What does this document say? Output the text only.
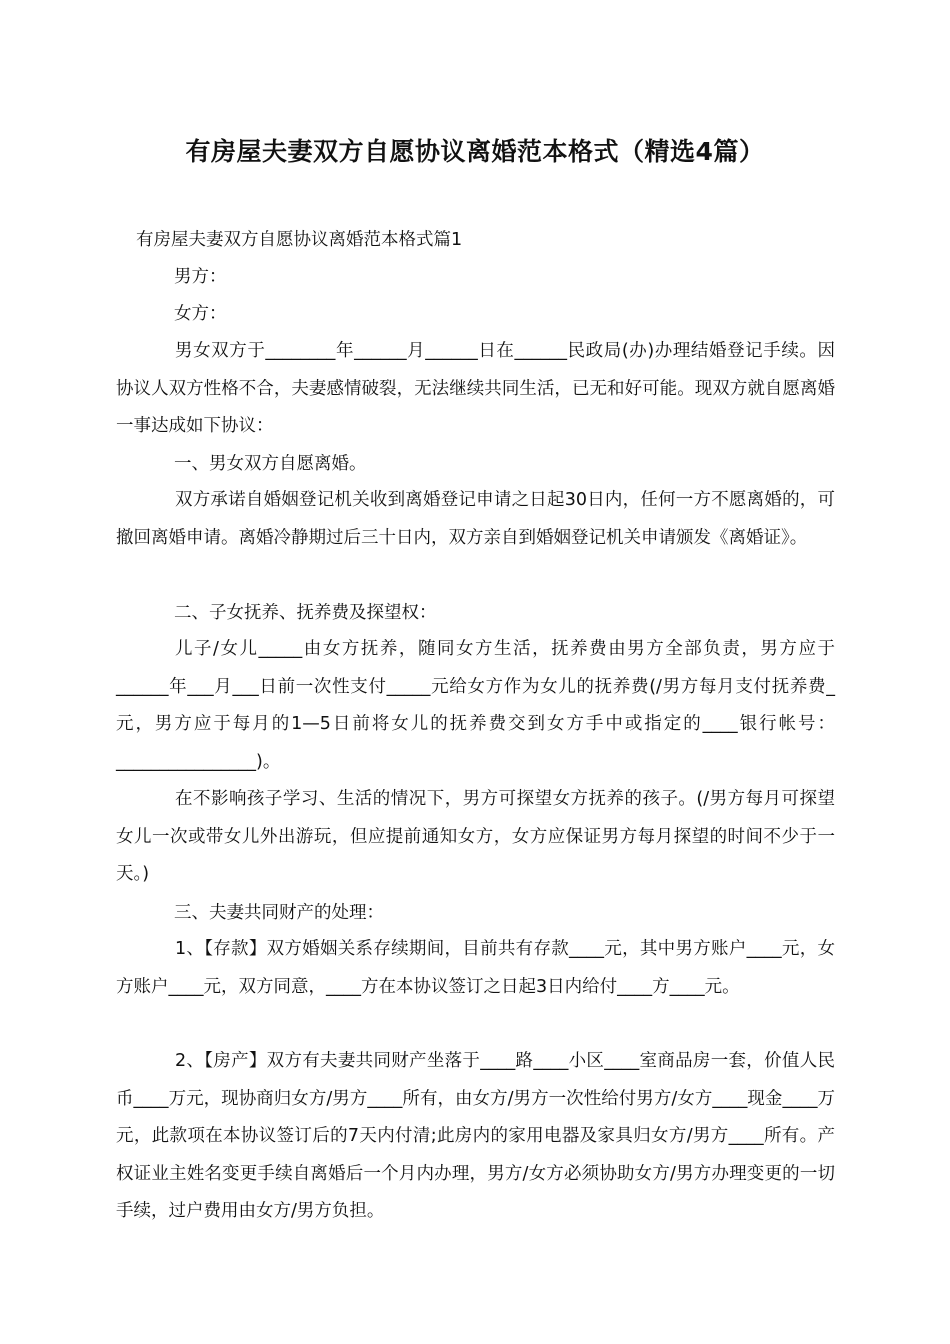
有房屋夫妻双方自愿协议离婚范本格式（精选4篇）
有房屋夫妻双方自愿协议离婚范本格式篇1
男方：
女方：
男女双方于________年______月______日在______民政局(办)办理结婚登记手续。因协议人双方性格不合，夫妻感情破裂，无法继续共同生活，已无和好可能。现双方就自愿离婚一事达成如下协议：
一、男女双方自愿离婚。
双方承诺自婚姻登记机关收到离婚登记申请之日起30日内，任何一方不愿离婚的，可撤回离婚申请。离婚冷静期过后三十日内，双方亲自到婚姻登记机关申请颁发《离婚证》。
二、子女抚养、抚养费及探望权：
儿子/女儿_____由女方抚养，随同女方生活，抚养费由男方全部负责，男方应于______年___月___日前一次性支付_____元给女方作为女儿的抚养费(/男方每月支付抚养费_元，男方应于每月的1—5日前将女儿的抚养费交到女方手中或指定的____银行帐号：________________)。
在不影响孩子学习、生活的情况下，男方可探望女方抚养的孩子。(/男方每月可探望女儿一次或带女儿外出游玩，但应提前通知女方，女方应保证男方每月探望的时间不少于一天。)
三、夫妻共同财产的处理：
1、【存款】双方婚姻关系存续期间，目前共有存款____元，其中男方账户____元，女方账户____元，双方同意，____方在本协议签订之日起3日内给付____方____元。
2、【房产】双方有夫妻共同财产坐落于____路____小区____室商品房一套，价值人民币____万元，现协商归女方/男方____所有，由女方/男方一次性给付男方/女方____现金____万元，此款项在本协议签订后的7天内付清;此房内的家用电器及家具归女方/男方____所有。产权证业主姓名变更手续自离婚后一个月内办理，男方/女方必须协助女方/男方办理变更的一切手续，过户费用由女方/男方负担。
